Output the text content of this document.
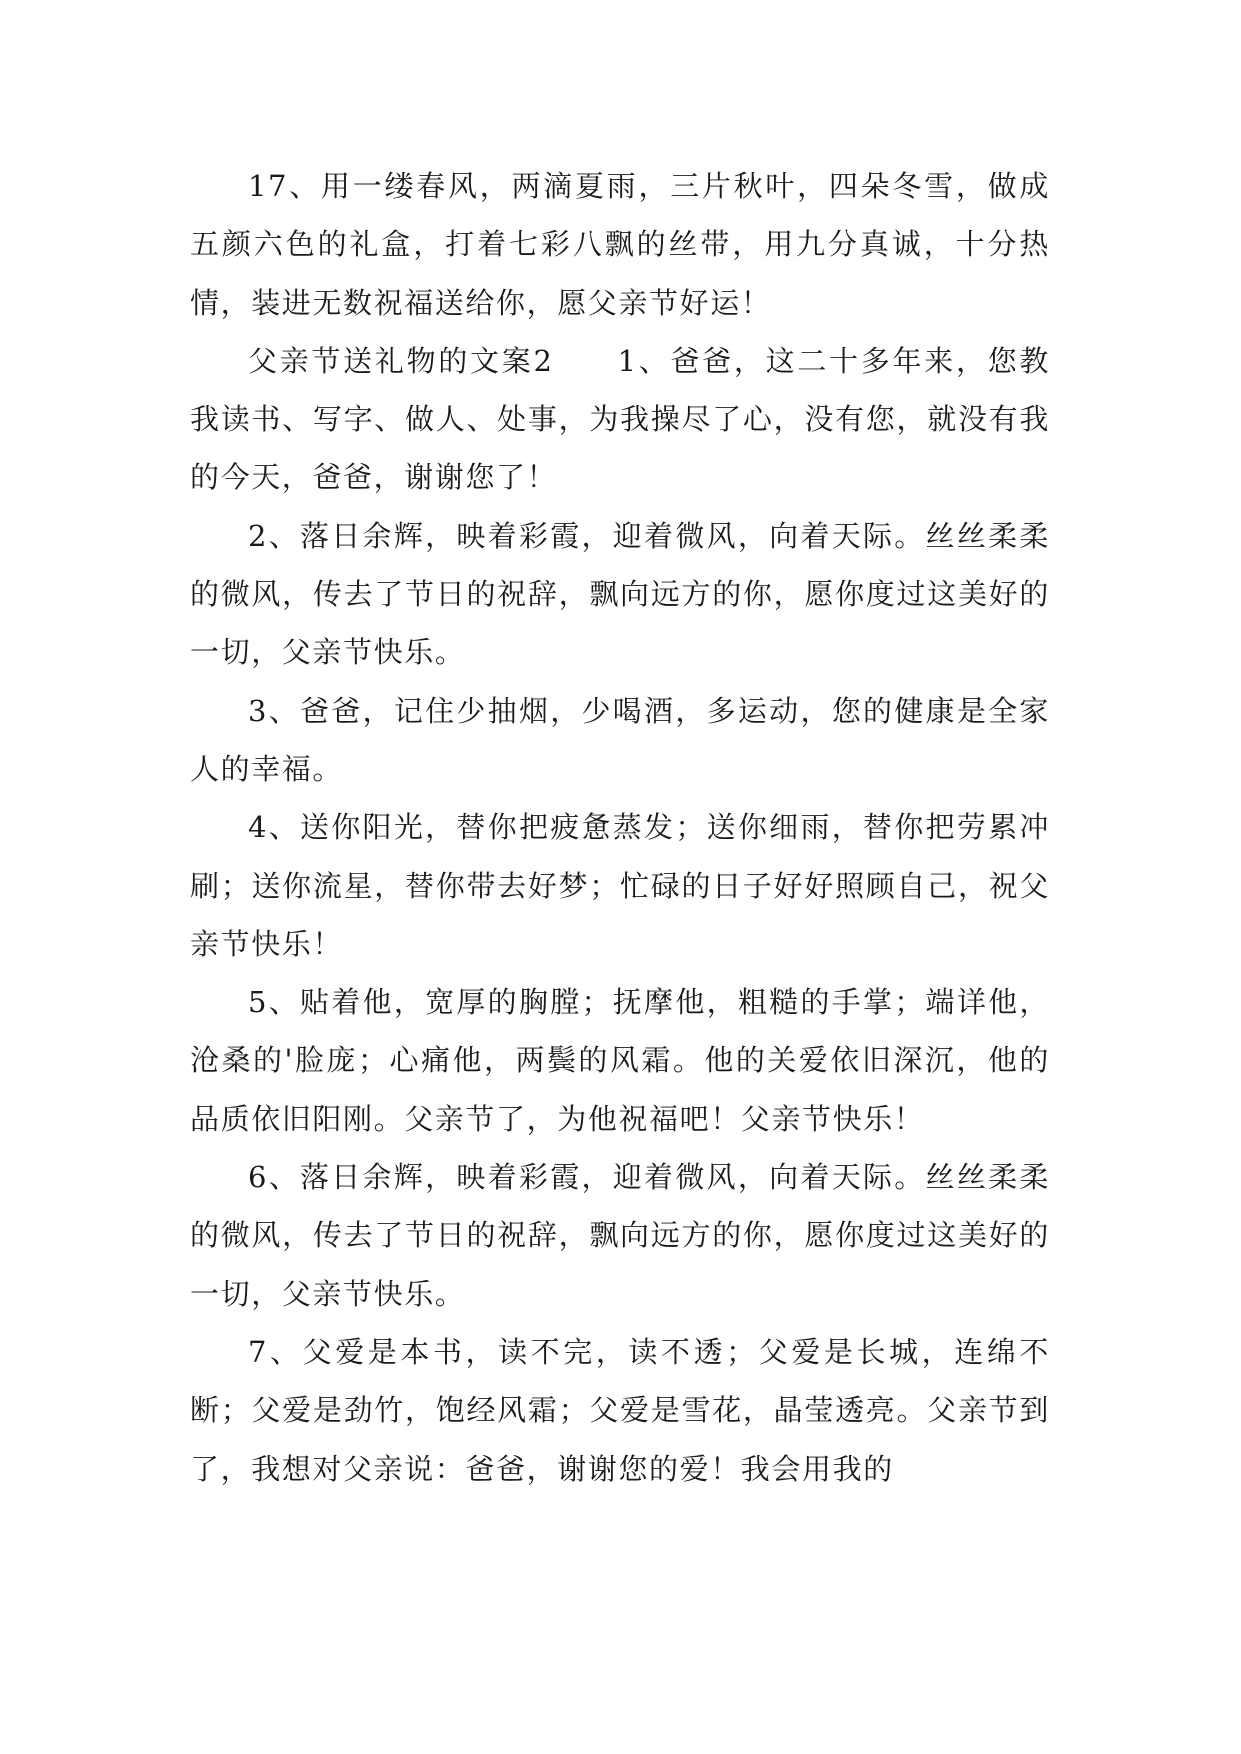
17、用一缕春风，两滴夏雨，三片秋叶，四朵冬雪，做成五颜六色的礼盒，打着七彩八飘的丝带，用九分真诚，十分热情，装进无数祝福送给你，愿父亲节好运！

父亲节送礼物的文案2 1、爸爸，这二十多年来，您教我读书、写字、做人、处事，为我操尽了心，没有您，就没有我的今天，爸爸，谢谢您了！

2、落日余辉，映着彩霞，迎着微风，向着天际。丝丝柔柔的微风，传去了节日的祝辞，飘向远方的你，愿你度过这美好的一切，父亲节快乐。

3、爸爸，记住少抽烟，少喝酒，多运动，您的健康是全家人的幸福。

4、送你阳光，替你把疲惫蒸发；送你细雨，替你把劳累冲刷；送你流星，替你带去好梦；忙碌的日子好好照顾自己，祝父亲节快乐！

5、贴着他，宽厚的胸膛；抚摩他，粗糙的手掌；端详他，沧桑的'脸庞；心痛他，两鬓的风霜。他的关爱依旧深沉，他的品质依旧阳刚。父亲节了，为他祝福吧！父亲节快乐！

6、落日余辉，映着彩霞，迎着微风，向着天际。丝丝柔柔的微风，传去了节日的祝辞，飘向远方的你，愿你度过这美好的一切，父亲节快乐。

7、父爱是本书，读不完，读不透；父爱是长城，连绵不断；父爱是劲竹，饱经风霜；父爱是雪花，晶莹透亮。父亲节到了，我想对父亲说：爸爸，谢谢您的爱！我会用我的
